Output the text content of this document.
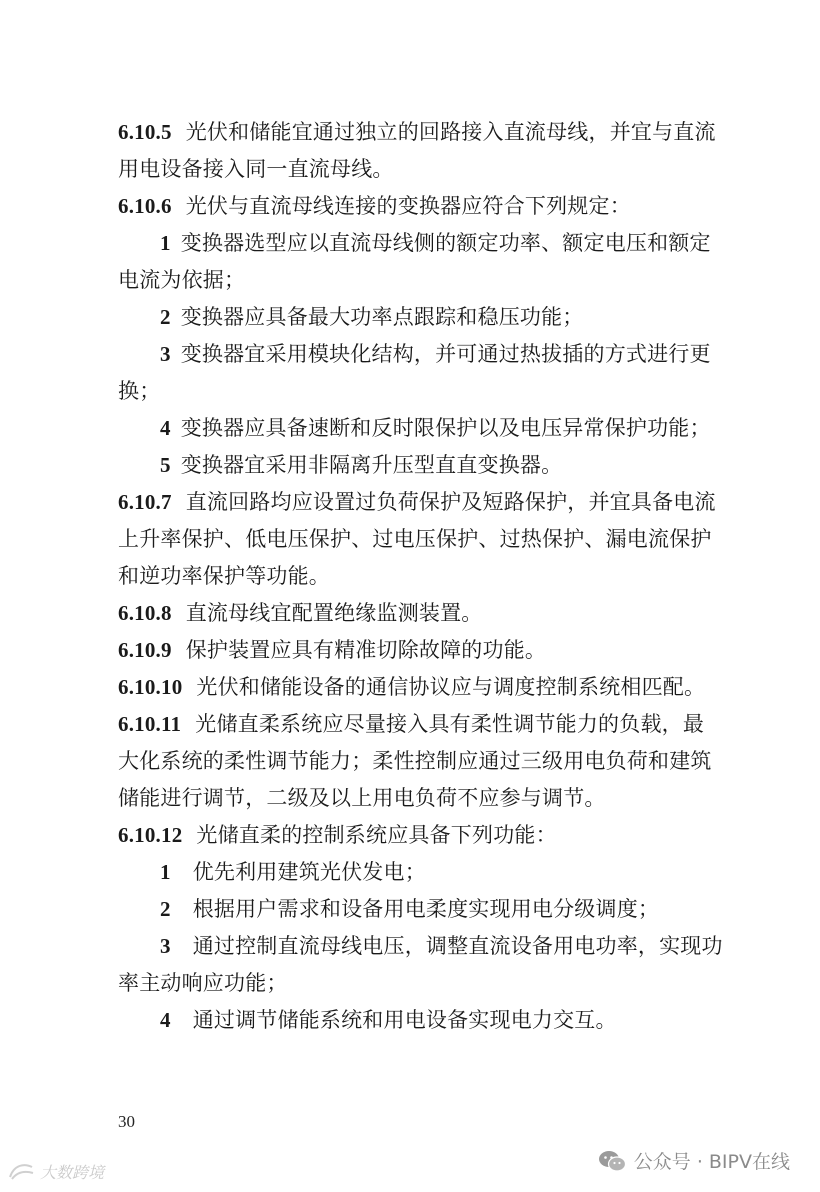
6.10.5 光伏和储能宜通过独立的回路接入直流母线，并宜与直流
用电设备接入同一直流母线。
6.10.6 光伏与直流母线连接的变换器应符合下列规定：
1 变换器选型应以直流母线侧的额定功率、额定电压和额定
电流为依据；
2 变换器应具备最大功率点跟踪和稳压功能；
3 变换器宜采用模块化结构，并可通过热拔插的方式进行更
换；
4 变换器应具备速断和反时限保护以及电压异常保护功能；
5 变换器宜采用非隔离升压型直直变换器。
6.10.7 直流回路均应设置过负荷保护及短路保护，并宜具备电流
上升率保护、低电压保护、过电压保护、过热保护、漏电流保护
和逆功率保护等功能。
6.10.8 直流母线宜配置绝缘监测装置。
6.10.9 保护装置应具有精准切除故障的功能。
6.10.10 光伏和储能设备的通信协议应与调度控制系统相匹配。
6.10.11 光储直柔系统应尽量接入具有柔性调节能力的负载，最
大化系统的柔性调节能力；柔性控制应通过三级用电负荷和建筑
储能进行调节，二级及以上用电负荷不应参与调节。
6.10.12 光储直柔的控制系统应具备下列功能：
1 优先利用建筑光伏发电；
2 根据用户需求和设备用电柔度实现用电分级调度；
3 通过控制直流母线电压，调整直流设备用电功率，实现功
率主动响应功能；
4 通过调节储能系统和用电设备实现电力交互。
30
公众号 · BIPV在线
大数跨境
